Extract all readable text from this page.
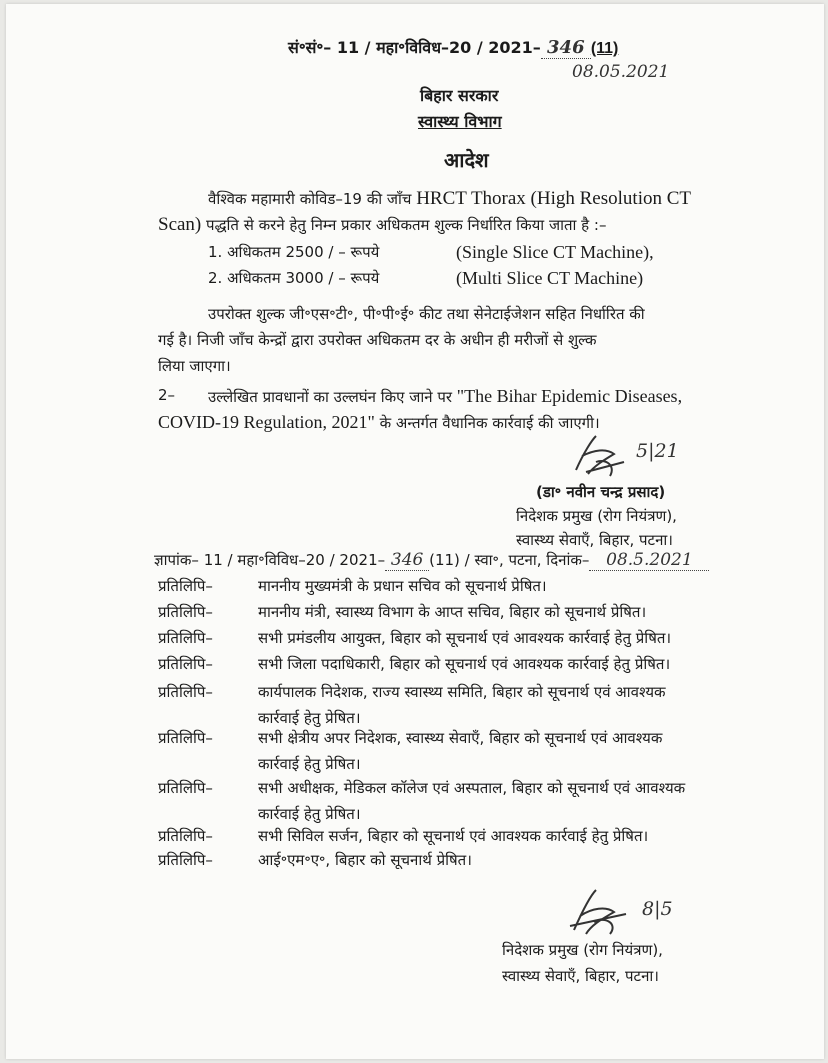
सं॰सं॰– 11 / महा॰विविध–20 / 2021– 346 (11)
08.05.2021
बिहार सरकार
स्वास्थ्य विभाग
आदेश
वैश्विक महामारी कोविड–19 की जाँच HRCT Thorax (High Resolution CT
Scan) पद्धति से करने हेतु निम्न प्रकार अधिकतम शुल्क निर्धारित किया जाता है :–
1. अधिकतम 2500 / – रूपये	(Single Slice CT Machine),
2. अधिकतम 3000 / – रूपये	(Multi Slice CT Machine)
उपरोक्त शुल्क जी॰एस॰टी॰, पी॰पी॰ई॰ कीट तथा सेनेटाईजेशन सहित निर्धारित की
गई है। निजी जाँच केन्द्रों द्वारा उपरोक्त अधिकतम दर के अधीन ही मरीजों से शुल्क
लिया जाएगा।
2– उल्लेखित प्रावधानों का उल्लघंन किए जाने पर "The Bihar Epidemic Diseases,
COVID-19 Regulation, 2021" के अन्तर्गत वैधानिक कार्रवाई की जाएगी।
5|21
(डा॰ नवीन चन्द्र प्रसाद)
निदेशक प्रमुख (रोग नियंत्रण),
स्वास्थ्य सेवाएँ, बिहार, पटना।
ज्ञापांक– 11 / महा॰विविध–20 / 2021– 346 (11) / स्वा॰, पटना, दिनांक– 08.5.2021
प्रतिलिपि–	माननीय मुख्यमंत्री के प्रधान सचिव को सूचनार्थ प्रेषित।
प्रतिलिपि–	माननीय मंत्री, स्वास्थ्य विभाग के आप्त सचिव, बिहार को सूचनार्थ प्रेषित।
प्रतिलिपि–	सभी प्रमंडलीय आयुक्त, बिहार को सूचनार्थ एवं आवश्यक कार्रवाई हेतु प्रेषित।
प्रतिलिपि–	सभी जिला पदाधिकारी, बिहार को सूचनार्थ एवं आवश्यक कार्रवाई हेतु प्रेषित।
प्रतिलिपि–	कार्यपालक निदेशक, राज्य स्वास्थ्य समिति, बिहार को सूचनार्थ एवं आवश्यक
कार्रवाई हेतु प्रेषित।
प्रतिलिपि–	सभी क्षेत्रीय अपर निदेशक, स्वास्थ्य सेवाएँ, बिहार को सूचनार्थ एवं आवश्यक
कार्रवाई हेतु प्रेषित।
प्रतिलिपि–	सभी अधीक्षक, मेडिकल कॉलेज एवं अस्पताल, बिहार को सूचनार्थ एवं आवश्यक
कार्रवाई हेतु प्रेषित।
प्रतिलिपि–	सभी सिविल सर्जन, बिहार को सूचनार्थ एवं आवश्यक कार्रवाई हेतु प्रेषित।
प्रतिलिपि–	आई॰एम॰ए॰, बिहार को सूचनार्थ प्रेषित।
8|5
निदेशक प्रमुख (रोग नियंत्रण),
स्वास्थ्य सेवाएँ, बिहार, पटना।
